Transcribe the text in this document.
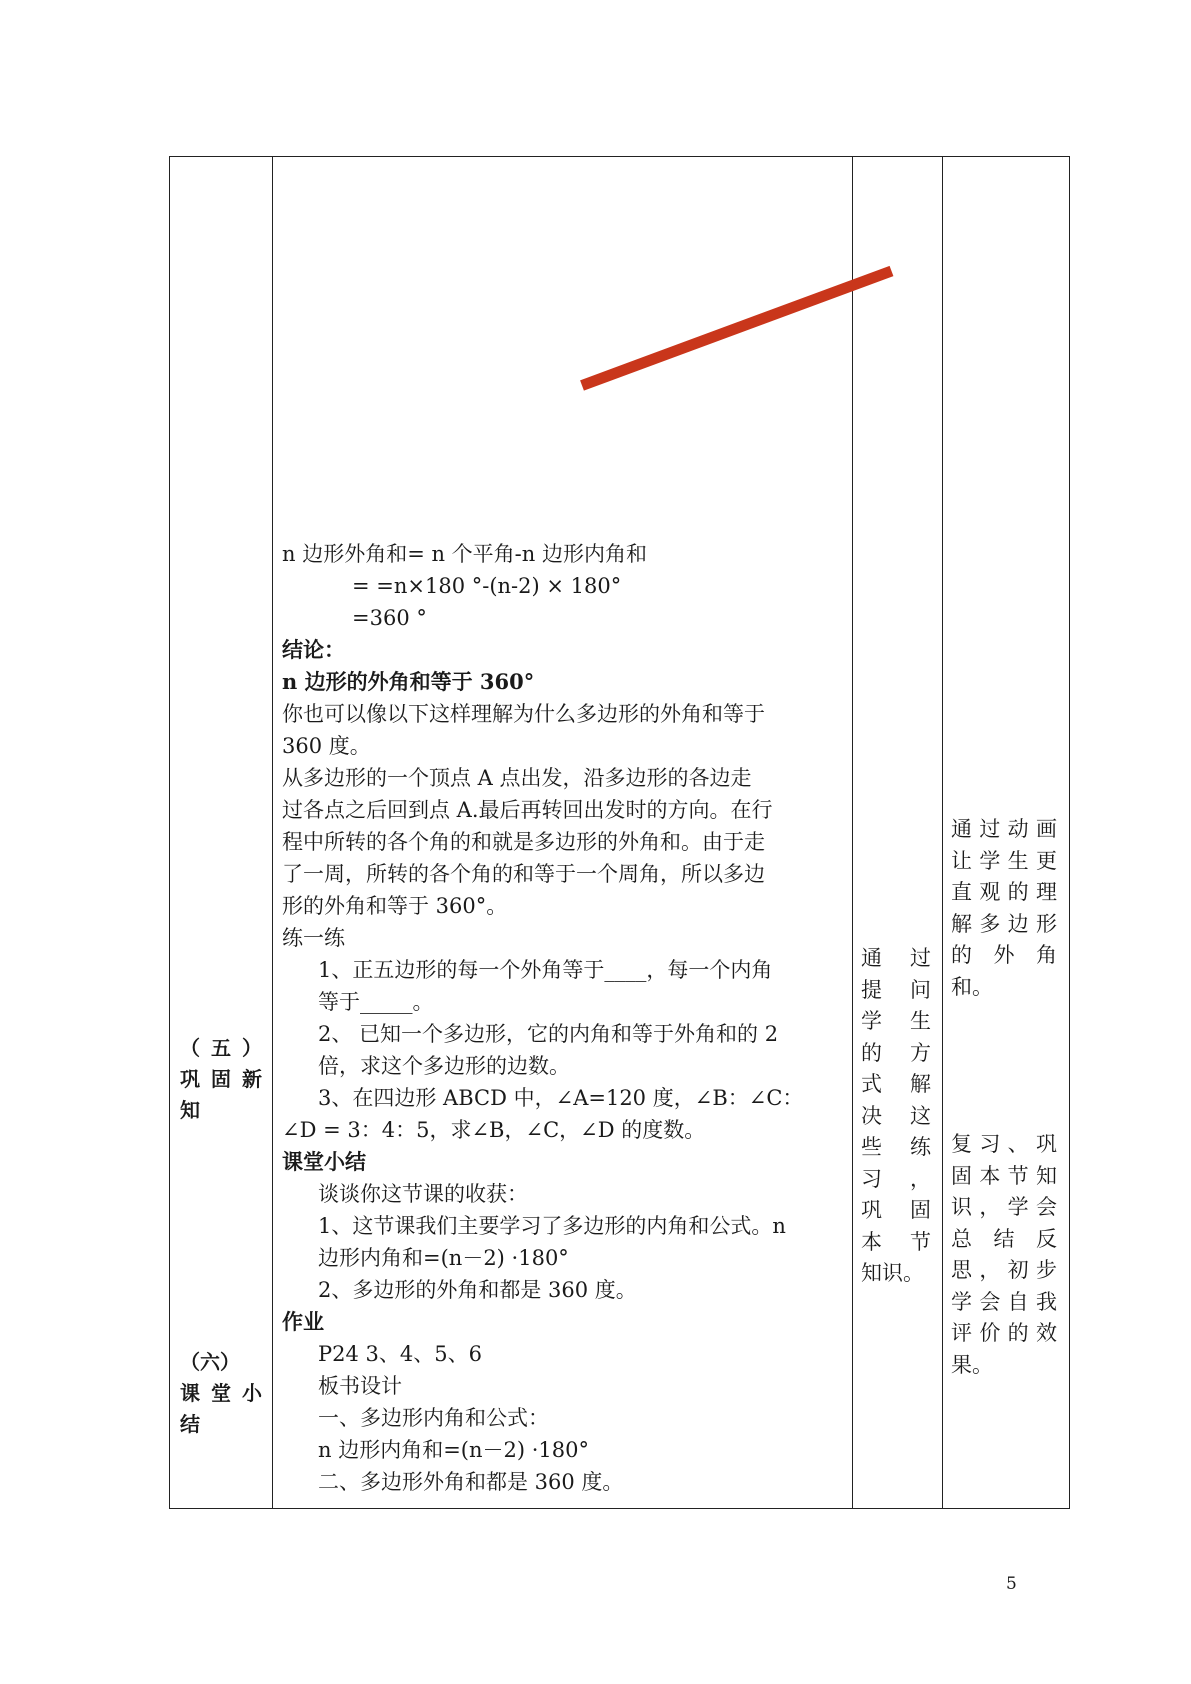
（ 五 ）
巩 固 新
知
（六）
课 堂 小
结

n 边形外角和= n 个平角-n 边形内角和

= =n×180 °-(n-2) × 180°

=360 °

结论：

n 边形的外角和等于 360°

你也可以像以下这样理解为什么多边形的外角和等于

360 度。

从多边形的一个顶点 A 点出发，沿多边形的各边走

过各点之后回到点 A.最后再转回出发时的方向。在行

程中所转的各个角的和就是多边形的外角和。由于走

了一周，所转的各个角的和等于一个周角，所以多边

形的外角和等于 360°。

练一练

1、正五边形的每一个外角等于____，每一个内角

等于_____。

2、 已知一个多边形，它的内角和等于外角和的 2

倍，求这个多边形的边数。

3、在四边形 ABCD 中，∠A=120 度，∠B：∠C：

∠D = 3：4：5，求∠B，∠C，∠D 的度数。

课堂小结

谈谈你这节课的收获：

1、这节课我们主要学习了多边形的内角和公式。n

边形内角和=(n－2) ·180°

2、多边形的外角和都是 360 度。

作业

P24 3、4、5、6

板书设计

一、多边形内角和公式：

n 边形内角和=(n－2) ·180°

二、多边形外角和都是 360 度。

通 过
提 问
学 生
的 方
式 解
决 这
些 练
习 ，
巩 固
本 节
知识。
通过动画
让学生更
直观的理
解多边形
的 外 角
和。
复习、巩
固本节知
识，学会
总 结 反
思，初步
学会自我
评价的效
果。
5
